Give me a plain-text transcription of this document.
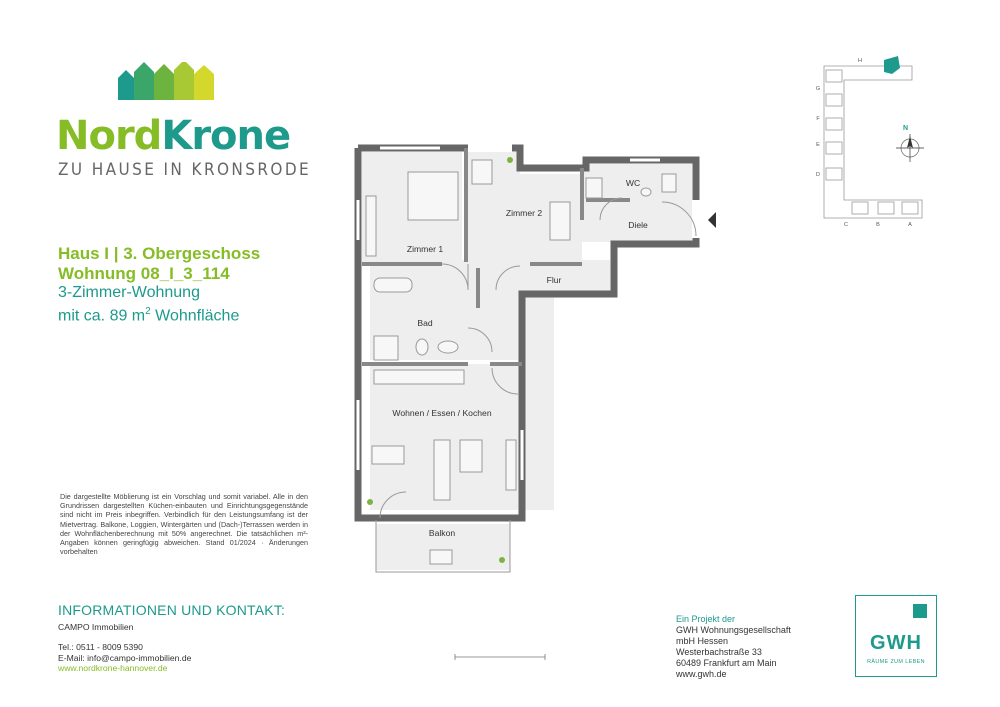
NordKrone
ZU HAUSE IN KRONSRODE
Haus I | 3. Obergeschoss
Wohnung 08_I_3_114
3-Zimmer-Wohnung
mit ca. 89 $m^2$ Wohnfläche
Die dargestellte Möblierung ist ein Vorschlag und somit variabel. Alle in den Grundrissen dargestellten Küchen-einbauten und Einrichtungsgegenstände sind nicht im Preis inbegriffen. Verbindlich für den Leistungsumfang ist der Mietvertrag. Balkone, Loggien, Wintergärten und (Dach-)Terrassen werden in der Wohnflächenberechnung mit 50% angerechnet. Die tatsächlichen m²-Angaben können geringfügig abweichen. Stand 01/2024 · Änderungen vorbehalten
Zimmer 1
Zimmer 2
WC
Diele
Flur
Bad
Wohnen / Essen / Kochen
Balkon
H
G
F
E
D
C	B	A
N
INFORMATIONEN UND KONTAKT:
CAMPO Immobilien
Tel.: 0511 - 8009 5390
E-Mail: info@campo-immobilien.de
www.nordkrone-hannover.de
Ein Projekt der
GWH Wohnungsgesellschaft
mbH Hessen
Westerbachstraße 33
60489 Frankfurt am Main
www.gwh.de
GWH
RÄUME ZUM LEBEN
